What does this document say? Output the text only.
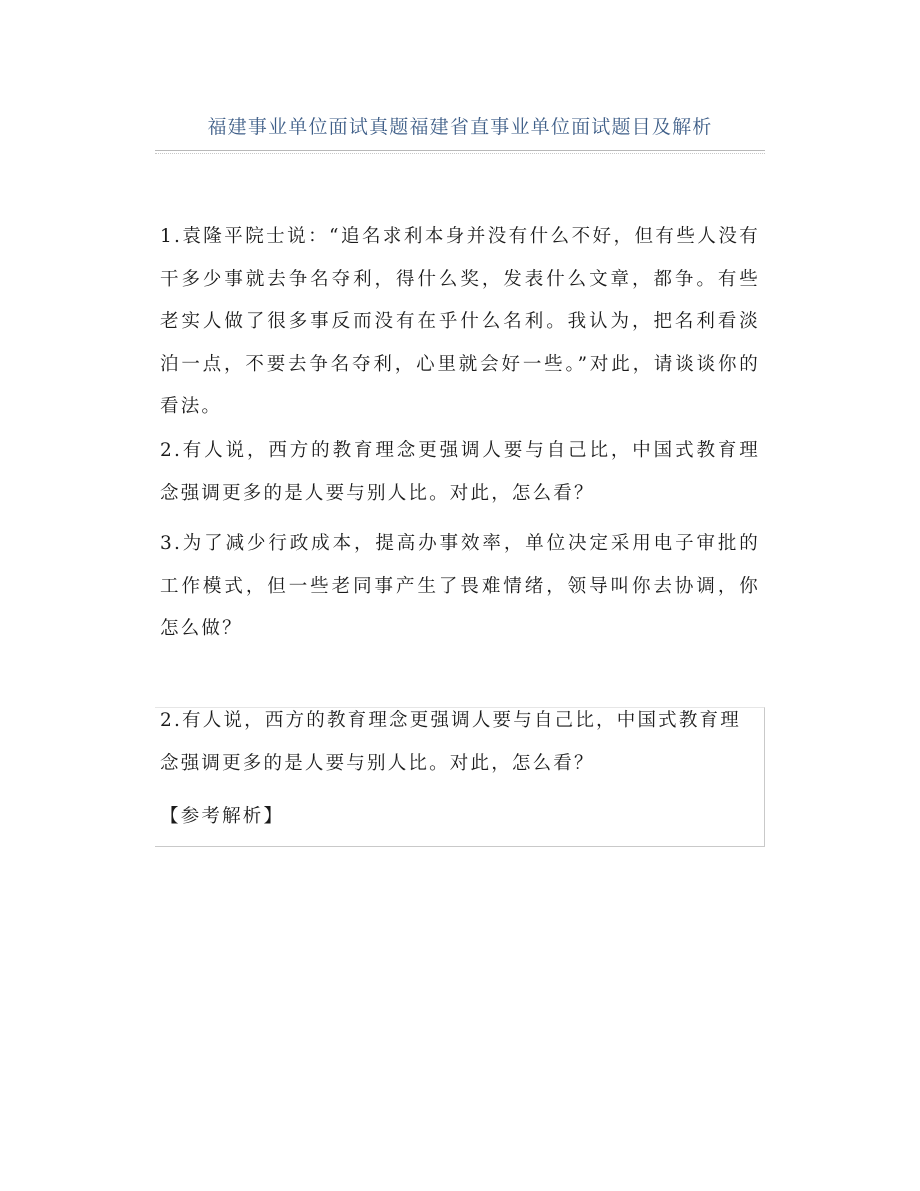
福建事业单位面试真题福建省直事业单位面试题目及解析
1.袁隆平院士说：“追名求利本身并没有什么不好，但有些人没有干多少事就去争名夺利，得什么奖，发表什么文章，都争。有些老实人做了很多事反而没有在乎什么名利。我认为，把名利看淡泊一点，不要去争名夺利，心里就会好一些。”对此，请谈谈你的看法。
2.有人说，西方的教育理念更强调人要与自己比，中国式教育理念强调更多的是人要与别人比。对此，怎么看？
3.为了减少行政成本，提高办事效率，单位决定采用电子审批的工作模式，但一些老同事产生了畏难情绪，领导叫你去协调，你怎么做？
2.有人说，西方的教育理念更强调人要与自己比，中国式教育理念强调更多的是人要与别人比。对此，怎么看？
【参考解析】
